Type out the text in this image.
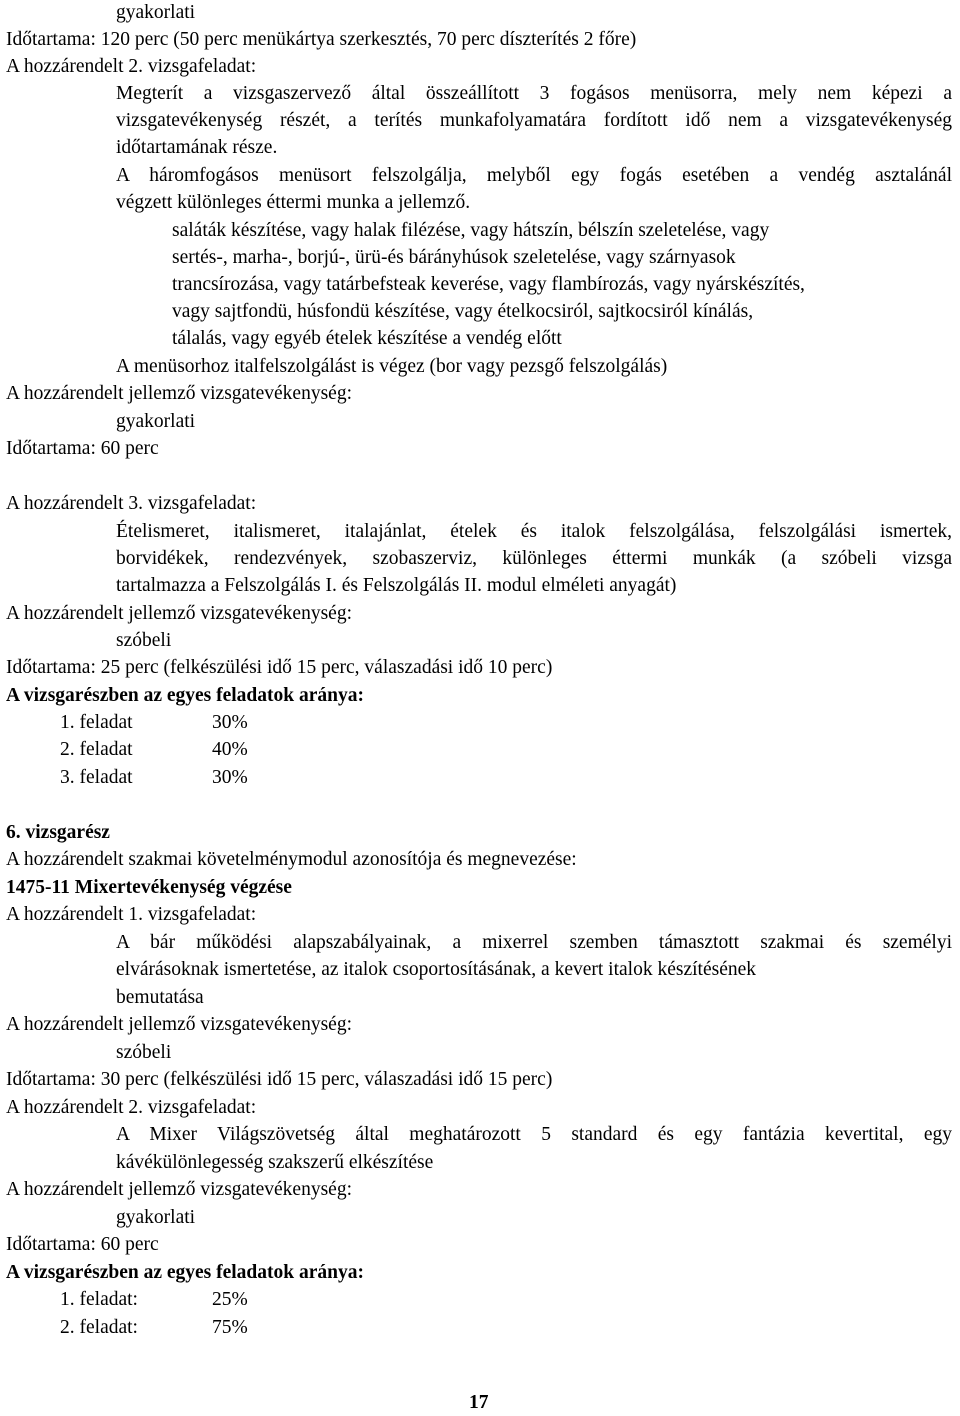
gyakorlati
Időtartama: 120 perc (50 perc menükártya szerkesztés, 70 perc díszterítés 2 főre)
A hozzárendelt 2. vizsgafeladat:
Megterít a vizsgaszervező által összeállított 3 fogásos menüsorra, mely nem képezi a
vizsgatevékenység részét, a terítés munkafolyamatára fordított idő nem a vizsgatevékenység
időtartamának része.
A háromfogásos menüsort felszolgálja, melyből egy fogás esetében a vendég asztalánál
végzett különleges éttermi munka a jellemző.
saláták készítése, vagy halak filézése, vagy hátszín, bélszín szeletelése, vagy
sertés-, marha-, borjú-, ürü-és bárányhúsok szeletelése, vagy szárnyasok
trancsírozása, vagy tatárbefsteak keverése, vagy flambírozás, vagy nyárskészítés,
vagy sajtfondü, húsfondü készítése, vagy ételkocsiról, sajtkocsiról kínálás,
tálalás, vagy egyéb ételek készítése a vendég előtt
A menüsorhoz italfelszolgálást is végez (bor vagy pezsgő felszolgálás)
A hozzárendelt jellemző vizsgatevékenység:
gyakorlati
Időtartama: 60 perc
A hozzárendelt 3. vizsgafeladat:
Ételismeret, italismeret, italajánlat, ételek és italok felszolgálása, felszolgálási ismertek,
borvidékek, rendezvények, szobaszerviz, különleges éttermi munkák (a szóbeli vizsga
tartalmazza a Felszolgálás I. és Felszolgálás II. modul elméleti anyagát)
A hozzárendelt jellemző vizsgatevékenység:
szóbeli
Időtartama: 25 perc (felkészülési idő 15 perc, válaszadási idő 10 perc)
A vizsgarészben az egyes feladatok aránya:
1. feladat	30%
2. feladat	40%
3. feladat	30%
6. vizsgarész
A hozzárendelt szakmai követelménymodul azonosítója és megnevezése:
1475-11 Mixertevékenység végzése
A hozzárendelt 1. vizsgafeladat:
A bár működési alapszabályainak, a mixerrel szemben támasztott szakmai és személyi
elvárásoknak ismertetése, az italok csoportosításának, a kevert italok készítésének
bemutatása
A hozzárendelt jellemző vizsgatevékenység:
szóbeli
Időtartama: 30 perc (felkészülési idő 15 perc, válaszadási idő 15 perc)
A hozzárendelt 2. vizsgafeladat:
A Mixer Világszövetség által meghatározott 5 standard és egy fantázia kevertital, egy
kávékülönlegesség szakszerű elkészítése
A hozzárendelt jellemző vizsgatevékenység:
gyakorlati
Időtartama: 60 perc
A vizsgarészben az egyes feladatok aránya:
1. feladat:	25%
2. feladat:	75%
17
